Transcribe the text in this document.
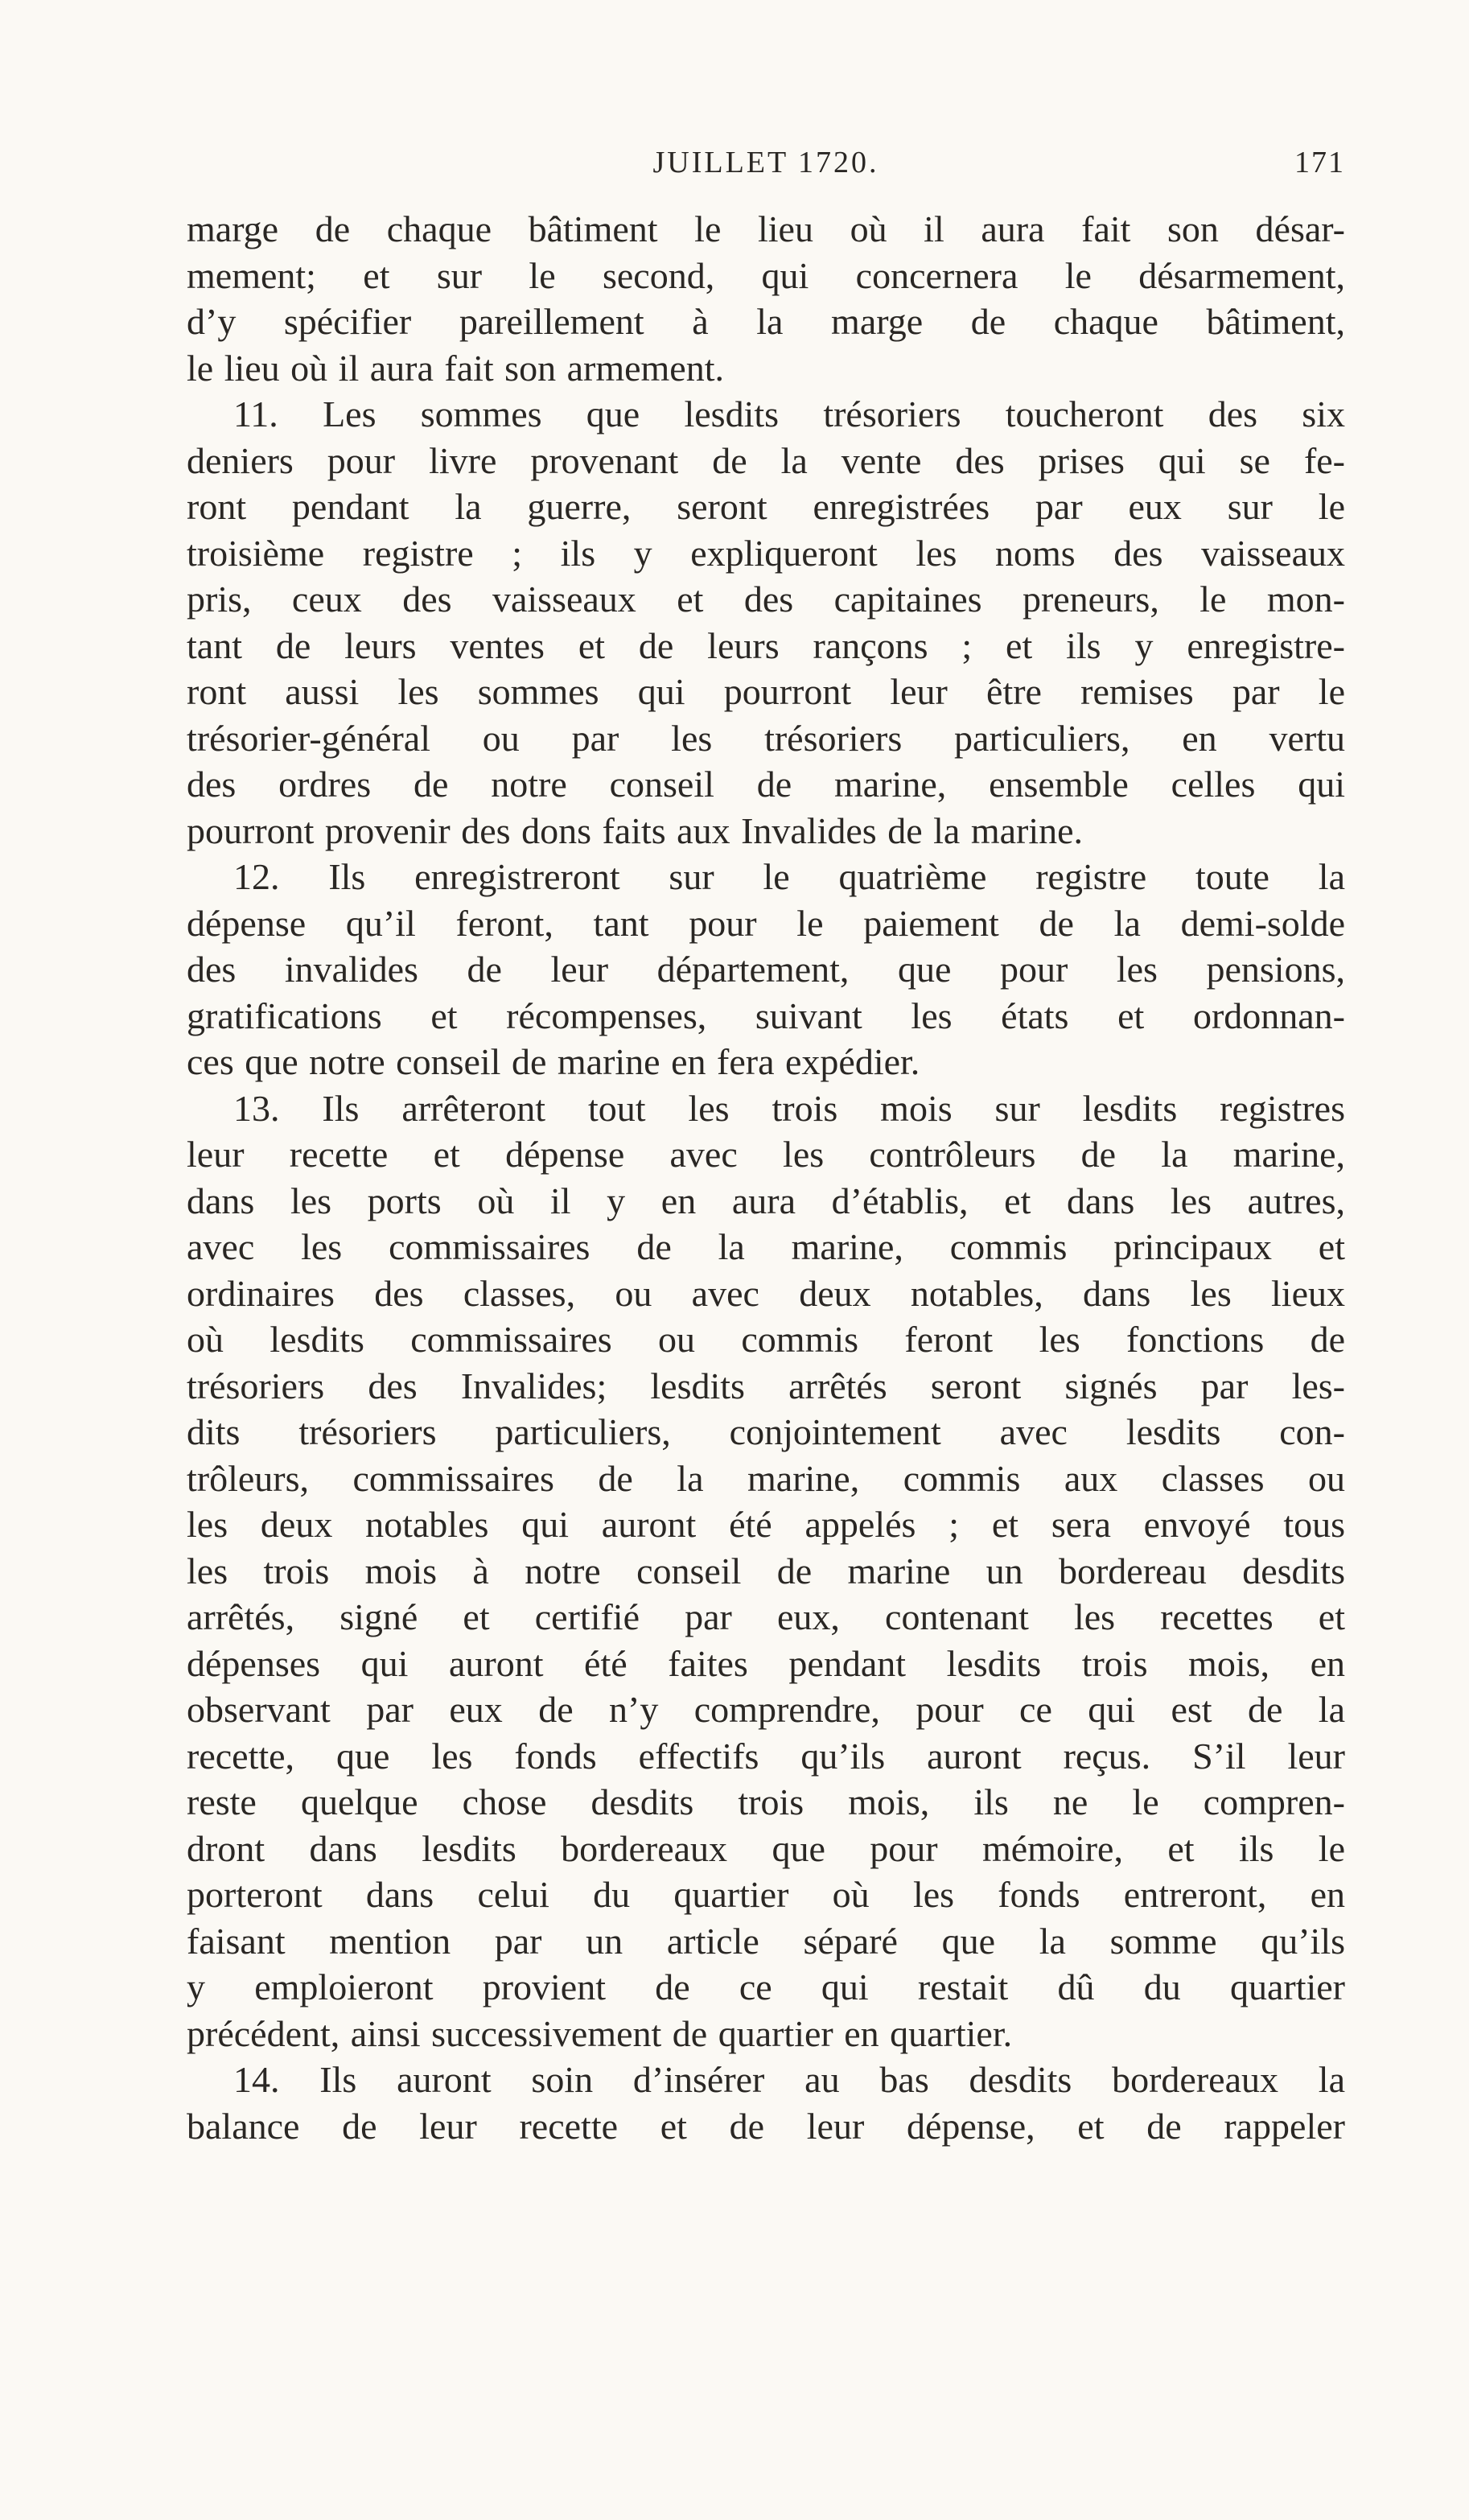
JUILLET 1720.	171
marge de chaque bâtiment le lieu où il aura fait son désar-
mement; et sur le second, qui concernera le désarmement,
d’y spécifier pareillement à la marge de chaque bâtiment,
le lieu où il aura fait son armement.
11. Les sommes que lesdits trésoriers toucheront des six
deniers pour livre provenant de la vente des prises qui se fe-
ront pendant la guerre, seront enregistrées par eux sur le
troisième registre ; ils y expliqueront les noms des vaisseaux
pris, ceux des vaisseaux et des capitaines preneurs, le mon-
tant de leurs ventes et de leurs rançons ; et ils y enregistre-
ront aussi les sommes qui pourront leur être remises par le
trésorier-général ou par les trésoriers particuliers, en vertu
des ordres de notre conseil de marine, ensemble celles qui
pourront provenir des dons faits aux Invalides de la marine.
12. Ils enregistreront sur le quatrième registre toute la
dépense qu’il feront, tant pour le paiement de la demi-solde
des invalides de leur département, que pour les pensions,
gratifications et récompenses, suivant les états et ordonnan-
ces que notre conseil de marine en fera expédier.
13. Ils arrêteront tout les trois mois sur lesdits registres
leur recette et dépense avec les contrôleurs de la marine,
dans les ports où il y en aura d’établis, et dans les autres,
avec les commissaires de la marine, commis principaux et
ordinaires des classes, ou avec deux notables, dans les lieux
où lesdits commissaires ou commis feront les fonctions de
trésoriers des Invalides; lesdits arrêtés seront signés par les-
dits trésoriers particuliers, conjointement avec lesdits con-
trôleurs, commissaires de la marine, commis aux classes ou
les deux notables qui auront été appelés ; et sera envoyé tous
les trois mois à notre conseil de marine un bordereau desdits
arrêtés, signé et certifié par eux, contenant les recettes et
dépenses qui auront été faites pendant lesdits trois mois, en
observant par eux de n’y comprendre, pour ce qui est de la
recette, que les fonds effectifs qu’ils auront reçus. S’il leur
reste quelque chose desdits trois mois, ils ne le compren-
dront dans lesdits bordereaux que pour mémoire, et ils le
porteront dans celui du quartier où les fonds entreront, en
faisant mention par un article séparé que la somme qu’ils
y emploieront provient de ce qui restait dû du quartier
précédent, ainsi successivement de quartier en quartier.
14. Ils auront soin d’insérer au bas desdits bordereaux la
balance de leur recette et de leur dépense, et de rappeler
